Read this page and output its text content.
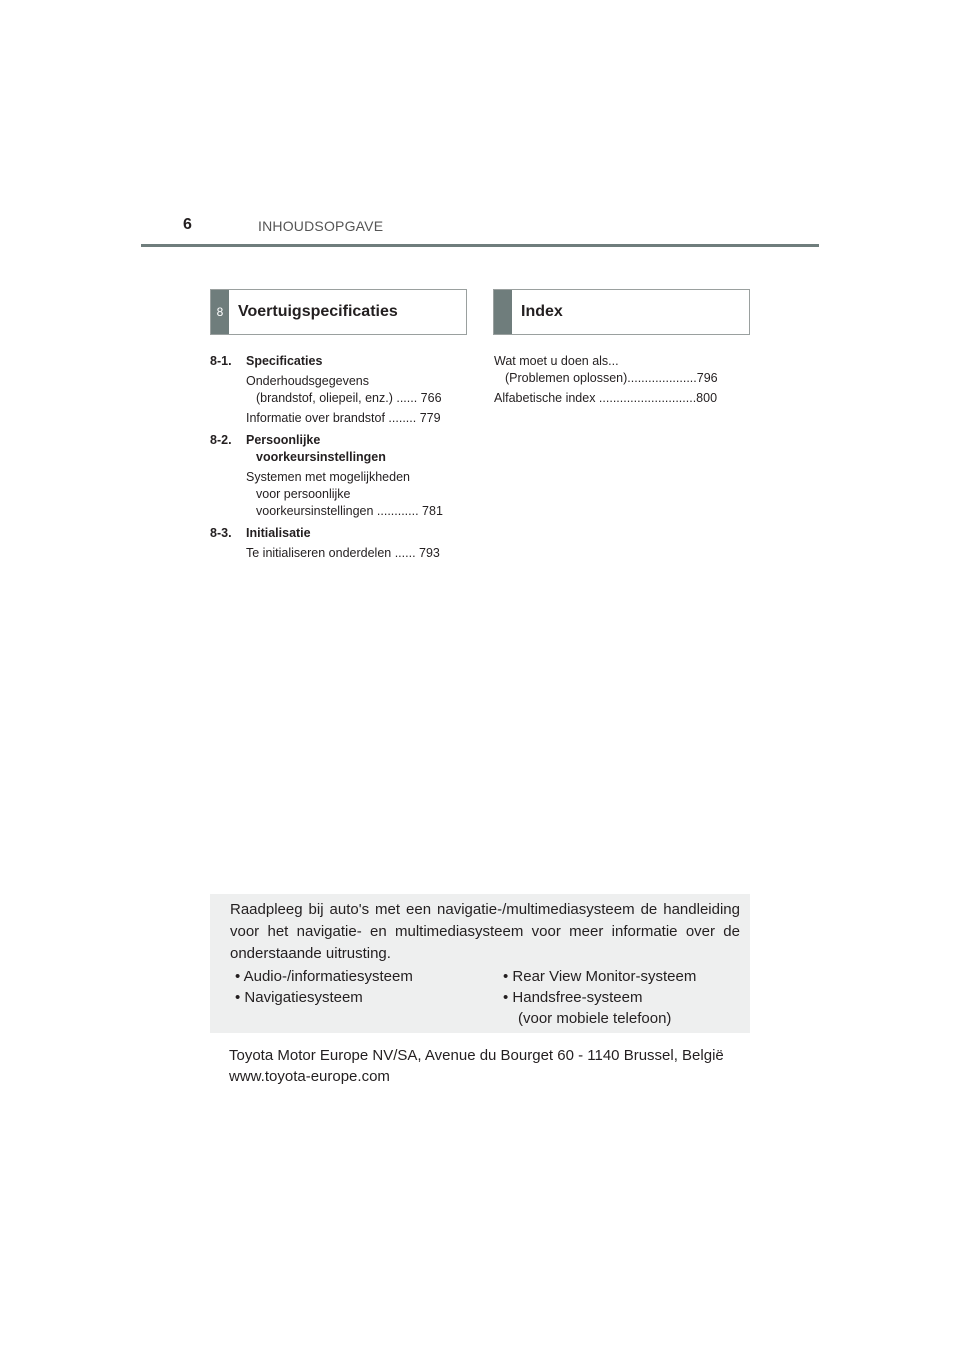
6	INHOUDSOPGAVE
8 Voertuigspecificaties	Index
8-1. Specificaties
Onderhoudsgegevens
(brandstof, oliepeil, enz.) ...... 766
Informatie over brandstof ........ 779
8-2. Persoonlijke
voorkeursinstellingen
Systemen met mogelijkheden
voor persoonlijke
voorkeursinstellingen ............ 781
8-3. Initialisatie
Te initialiseren onderdelen ...... 793
Wat moet u doen als...
(Problemen oplossen)....................796
Alfabetische index ............................800
Raadpleeg bij auto's met een navigatie-/multimediasysteem de handleiding voor het navigatie- en multimediasysteem voor meer informatie over de onderstaande uitrusting.
• Audio-/informatiesysteem
• Navigatiesysteem
• Rear View Monitor-systeem
• Handsfree-systeem
(voor mobiele telefoon)
Toyota Motor Europe NV/SA, Avenue du Bourget 60 - 1140 Brussel, België
www.toyota-europe.com
